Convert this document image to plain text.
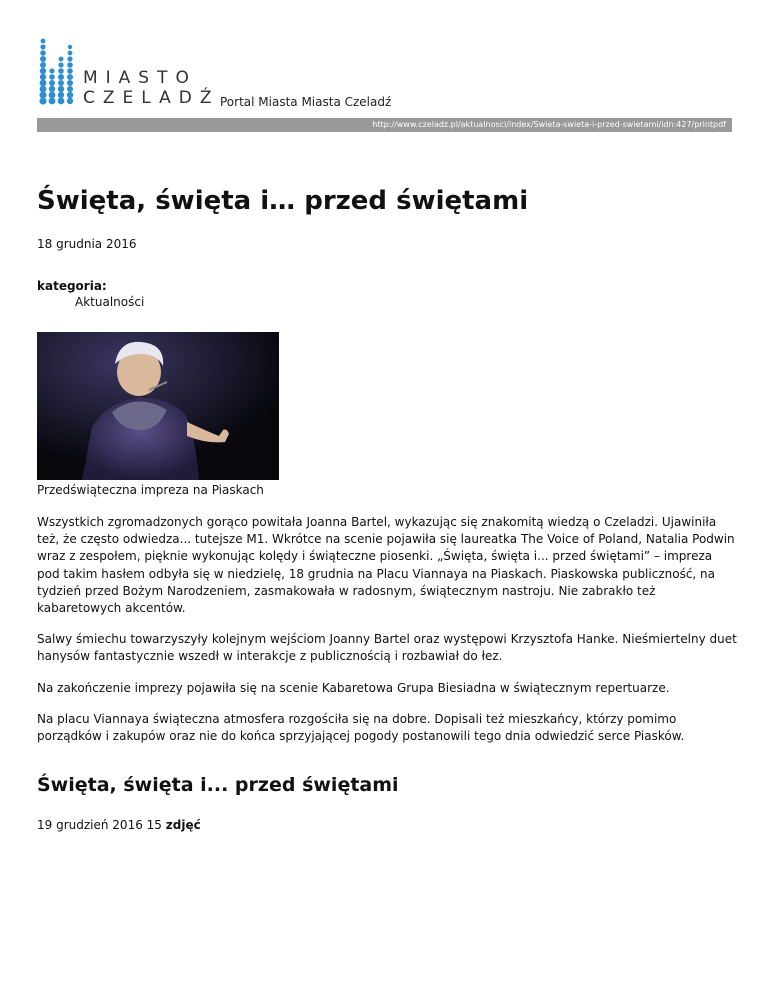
MIASTO
CZELADŹ Portal Miasta Miasta Czeladź
http://www.czeladz.pl/aktualnosci/index/Swieta-swieta-i-przed-swietami/idn:427/printpdf
Święta, święta i… przed świętami
18 grudnia 2016
kategoria:
Aktualności
Przedświąteczna impreza na Piaskach

Wszystkich zgromadzonych gorąco powitała Joanna Bartel, wykazując się znakomitą wiedzą o Czeladzi. Ujawiniła też, że często odwiedza... tutejsze M1. Wkrótce na scenie pojawiła się laureatka The Voice of Poland, Natalia Podwin wraz z zespołem, pięknie wykonując kolędy i świąteczne piosenki. „Święta, święta i... przed świętami” – impreza pod takim hasłem odbyła się w niedzielę, 18 grudnia na Placu Viannaya na Piaskach. Piaskowska publiczność, na tydzień przed Bożym Narodzeniem, zasmakowała w radosnym, świątecznym nastroju. Nie zabrakło też kabaretowych akcentów.

Salwy śmiechu towarzyszyły kolejnym wejściom Joanny Bartel oraz występowi Krzysztofa Hanke. Nieśmiertelny duet hanysów fantastycznie wszedł w interakcje z publicznością i rozbawiał do łez.

Na zakończenie imprezy pojawiła się na scenie Kabaretowa Grupa Biesiadna w świątecznym repertuarze.

Na placu Viannaya świąteczna atmosfera rozgościła się na dobre. Dopisali też mieszkańcy, którzy pomimo porządków i zakupów oraz nie do końca sprzyjającej pogody postanowili tego dnia odwiedzić serce Piasków.

Święta, święta i... przed świętami
19 grudzień 2016 15 zdjęć
